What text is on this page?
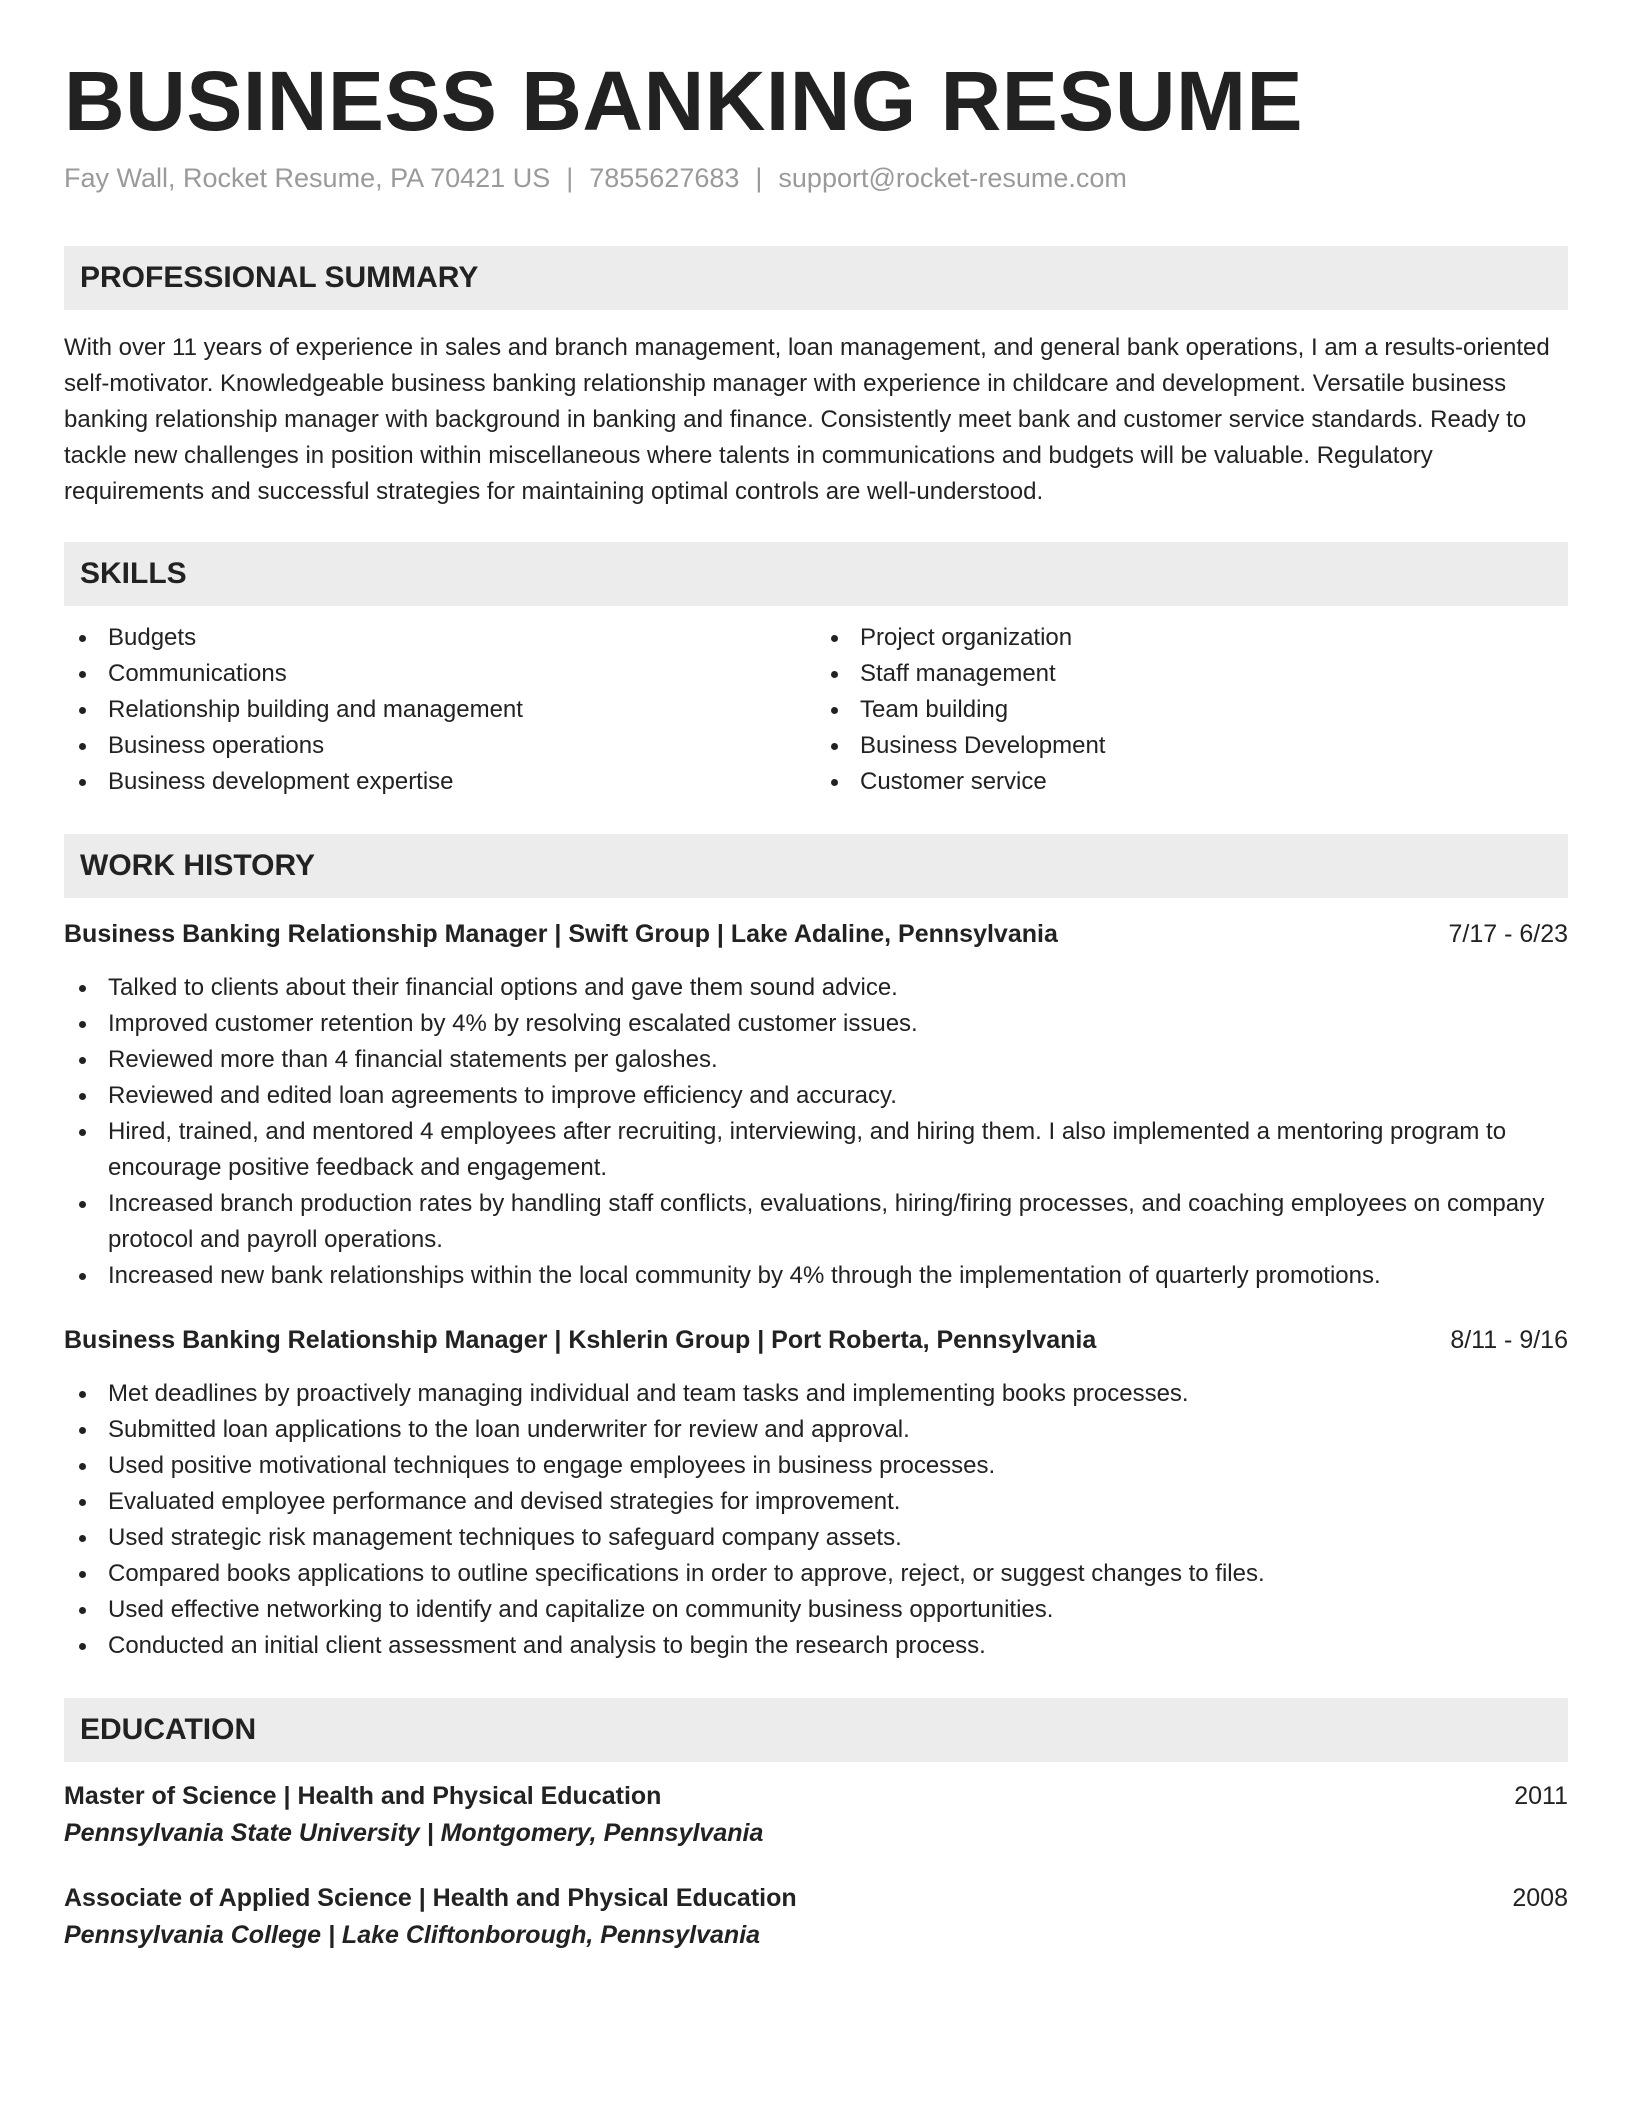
BUSINESS BANKING RESUME
Fay Wall, Rocket Resume, PA 70421 US | 7855627683 | support@rocket-resume.com
PROFESSIONAL SUMMARY

With over 11 years of experience in sales and branch management, loan management, and general bank operations, I am a results-oriented self-motivator. Knowledgeable business banking relationship manager with experience in childcare and development. Versatile business banking relationship manager with background in banking and finance. Consistently meet bank and customer service standards. Ready to tackle new challenges in position within miscellaneous where talents in communications and budgets will be valuable. Regulatory requirements and successful strategies for maintaining optimal controls are well-understood.

SKILLS
Budgets
Communications
Relationship building and management
Business operations
Business development expertise
Project organization
Staff management
Team building
Business Development
Customer service
WORK HISTORY
Business Banking Relationship Manager | Swift Group | Lake Adaline, Pennsylvania	7/17 - 6/23
Talked to clients about their financial options and gave them sound advice.
Improved customer retention by 4% by resolving escalated customer issues.
Reviewed more than 4 financial statements per galoshes.
Reviewed and edited loan agreements to improve efficiency and accuracy.
Hired, trained, and mentored 4 employees after recruiting, interviewing, and hiring them. I also implemented a mentoring program to encourage positive feedback and engagement.
Increased branch production rates by handling staff conflicts, evaluations, hiring/firing processes, and coaching employees on company protocol and payroll operations.
Increased new bank relationships within the local community by 4% through the implementation of quarterly promotions.
Business Banking Relationship Manager | Kshlerin Group | Port Roberta, Pennsylvania	8/11 - 9/16
Met deadlines by proactively managing individual and team tasks and implementing books processes.
Submitted loan applications to the loan underwriter for review and approval.
Used positive motivational techniques to engage employees in business processes.
Evaluated employee performance and devised strategies for improvement.
Used strategic risk management techniques to safeguard company assets.
Compared books applications to outline specifications in order to approve, reject, or suggest changes to files.
Used effective networking to identify and capitalize on community business opportunities.
Conducted an initial client assessment and analysis to begin the research process.
EDUCATION
Master of Science | Health and Physical Education	2011
Pennsylvania State University | Montgomery, Pennsylvania
Associate of Applied Science | Health and Physical Education	2008
Pennsylvania College | Lake Cliftonborough, Pennsylvania
